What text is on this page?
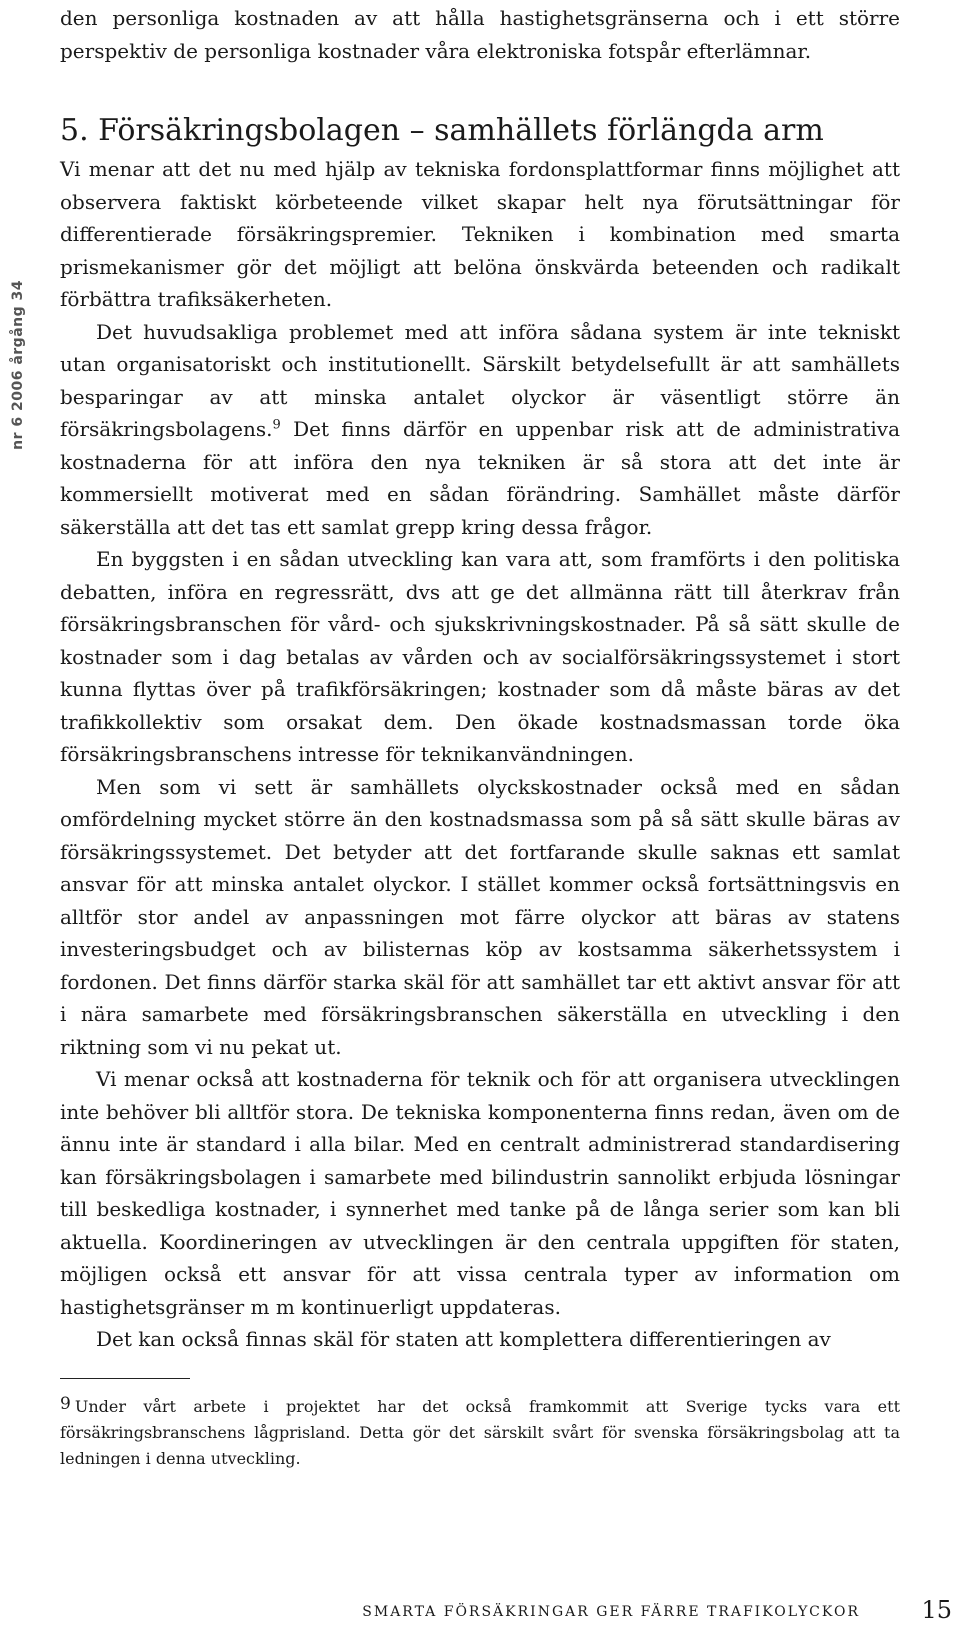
nr 6 2006 årgång 34

den personliga kostnaden av att hålla hastighetsgränserna och i ett större perspektiv de personliga kostnader våra elektroniska fotspår efterlämnar.

5. Försäkringsbolagen – samhällets förlängda arm

Vi menar att det nu med hjälp av tekniska fordonsplattformar finns möjlighet att observera faktiskt körbeteende vilket skapar helt nya förutsättningar för differentierade försäkringspremier. Tekniken i kombination med smarta prismekanismer gör det möjligt att belöna önskvärda beteenden och radikalt förbättra trafiksäkerheten.

Det huvudsakliga problemet med att införa sådana system är inte tekniskt utan organisatoriskt och institutionellt. Särskilt betydelsefullt är att samhällets besparingar av att minska antalet olyckor är väsentligt större än försäkringsbolagens.$^9$ Det finns därför en uppenbar risk att de administrativa kostnaderna för att införa den nya tekniken är så stora att det inte är kommersiellt motiverat med en sådan förändring. Samhället måste därför säkerställa att det tas ett samlat grepp kring dessa frågor.

En byggsten i en sådan utveckling kan vara att, som framförts i den politiska debatten, införa en regressrätt, dvs att ge det allmänna rätt till återkrav från försäkringsbranschen för vård- och sjukskrivningskostnader. På så sätt skulle de kostnader som i dag betalas av vården och av socialförsäkringssystemet i stort kunna flyttas över på trafikförsäkringen; kostnader som då måste bäras av det trafikkollektiv som orsakat dem. Den ökade kostnadsmassan torde öka försäkringsbranschens intresse för teknikanvändningen.

Men som vi sett är samhällets olyckskostnader också med en sådan omfördelning mycket större än den kostnadsmassa som på så sätt skulle bäras av försäkringssystemet. Det betyder att det fortfarande skulle saknas ett samlat ansvar för att minska antalet olyckor. I stället kommer också fortsättningsvis en alltför stor andel av anpassningen mot färre olyckor att bäras av statens investeringsbudget och av bilisternas köp av kostsamma säkerhetssystem i fordonen. Det finns därför starka skäl för att samhället tar ett aktivt ansvar för att i nära samarbete med försäkringsbranschen säkerställa en utveckling i den riktning som vi nu pekat ut.

Vi menar också att kostnaderna för teknik och för att organisera utvecklingen inte behöver bli alltför stora. De tekniska komponenterna finns redan, även om de ännu inte är standard i alla bilar. Med en centralt administrerad standardisering kan försäkringsbolagen i samarbete med bilindustrin sannolikt erbjuda lösningar till beskedliga kostnader, i synnerhet med tanke på de långa serier som kan bli aktuella. Koordineringen av utvecklingen är den centrala uppgiften för staten, möjligen också ett ansvar för att vissa centrala typer av information om hastighetsgränser m m kontinuerligt uppdateras.

Det kan också finnas skäl för staten att komplettera differentieringen av

9 Under vårt arbete i projektet har det också framkommit att Sverige tycks vara ett försäkringsbranschens lågprisland. Detta gör det särskilt svårt för svenska försäkringsbolag att ta ledningen i denna utveckling.

SMARTA FÖRSÄKRINGAR GER FÄRRE TRAFIKOLYCKOR	15
